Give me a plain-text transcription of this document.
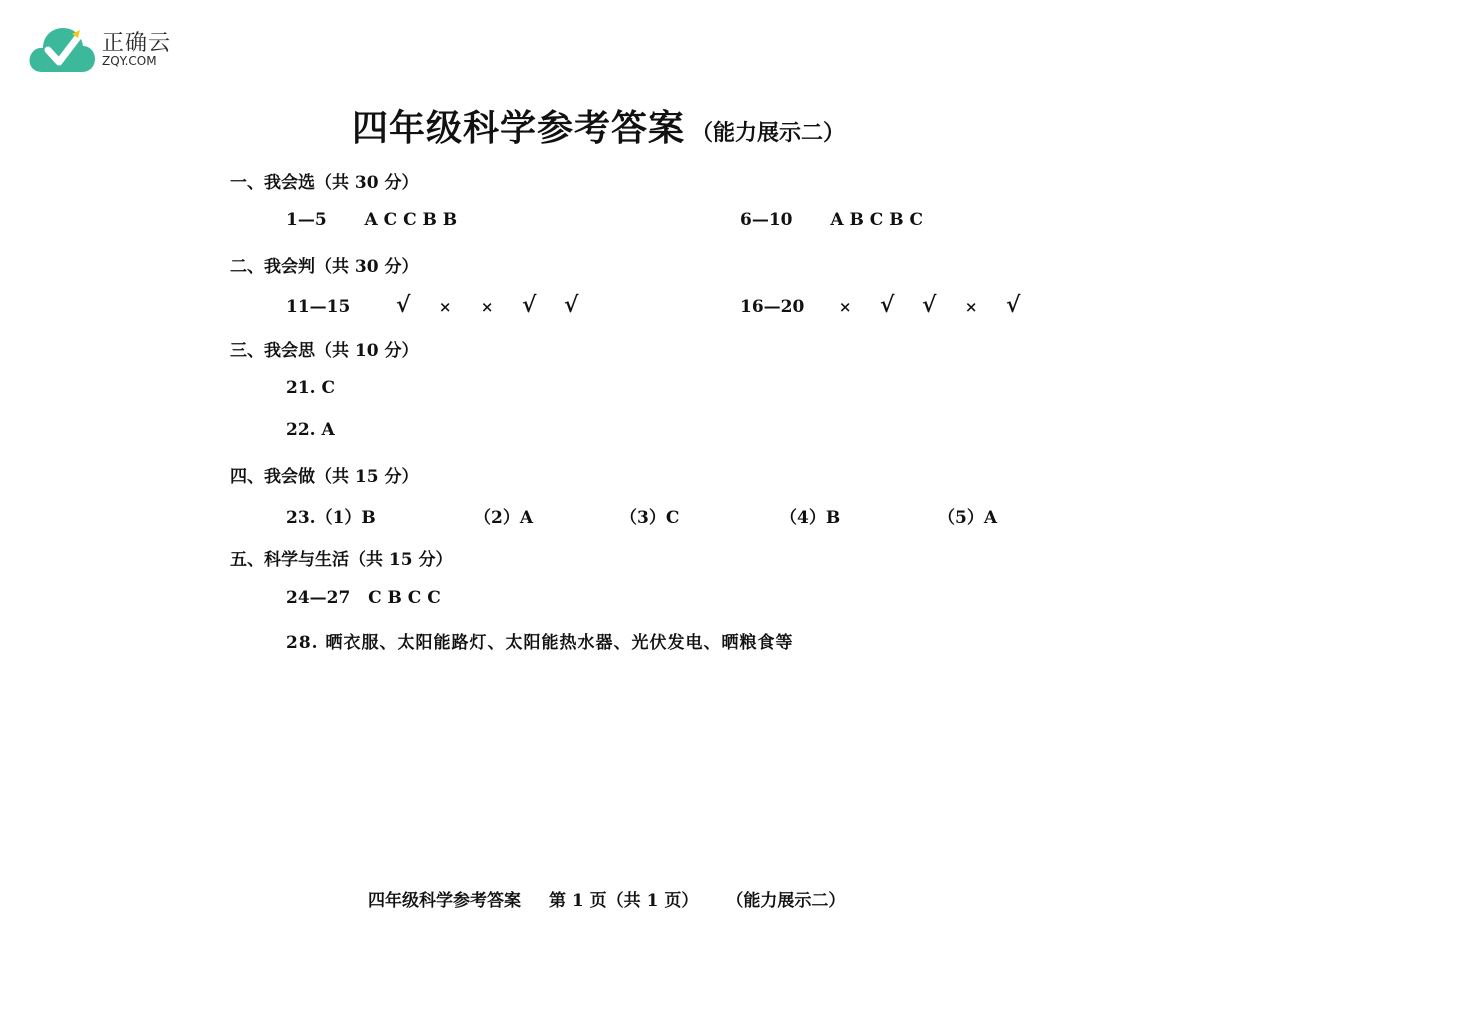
正确云
ZQY.COM
四年级科学参考答案 （能力展示二）
一、我会选（共 30 分）
1—5 A C C B B	6—10 A B C B C
二、我会判（共 30 分）
11—15 √ × × √ √	16—20 × √ √ × √
三、我会思（共 10 分）
21. C
22. A
四、我会做（共 15 分）
23.（1）B	（2）A	（3）C	（4）B	（5）A
五、科学与生活（共 15 分）
24—27   C B C C
28. 晒衣服、太阳能路灯、太阳能热水器、光伏发电、晒粮食等
四年级科学参考答案 第 1 页（共 1 页） （能力展示二）
